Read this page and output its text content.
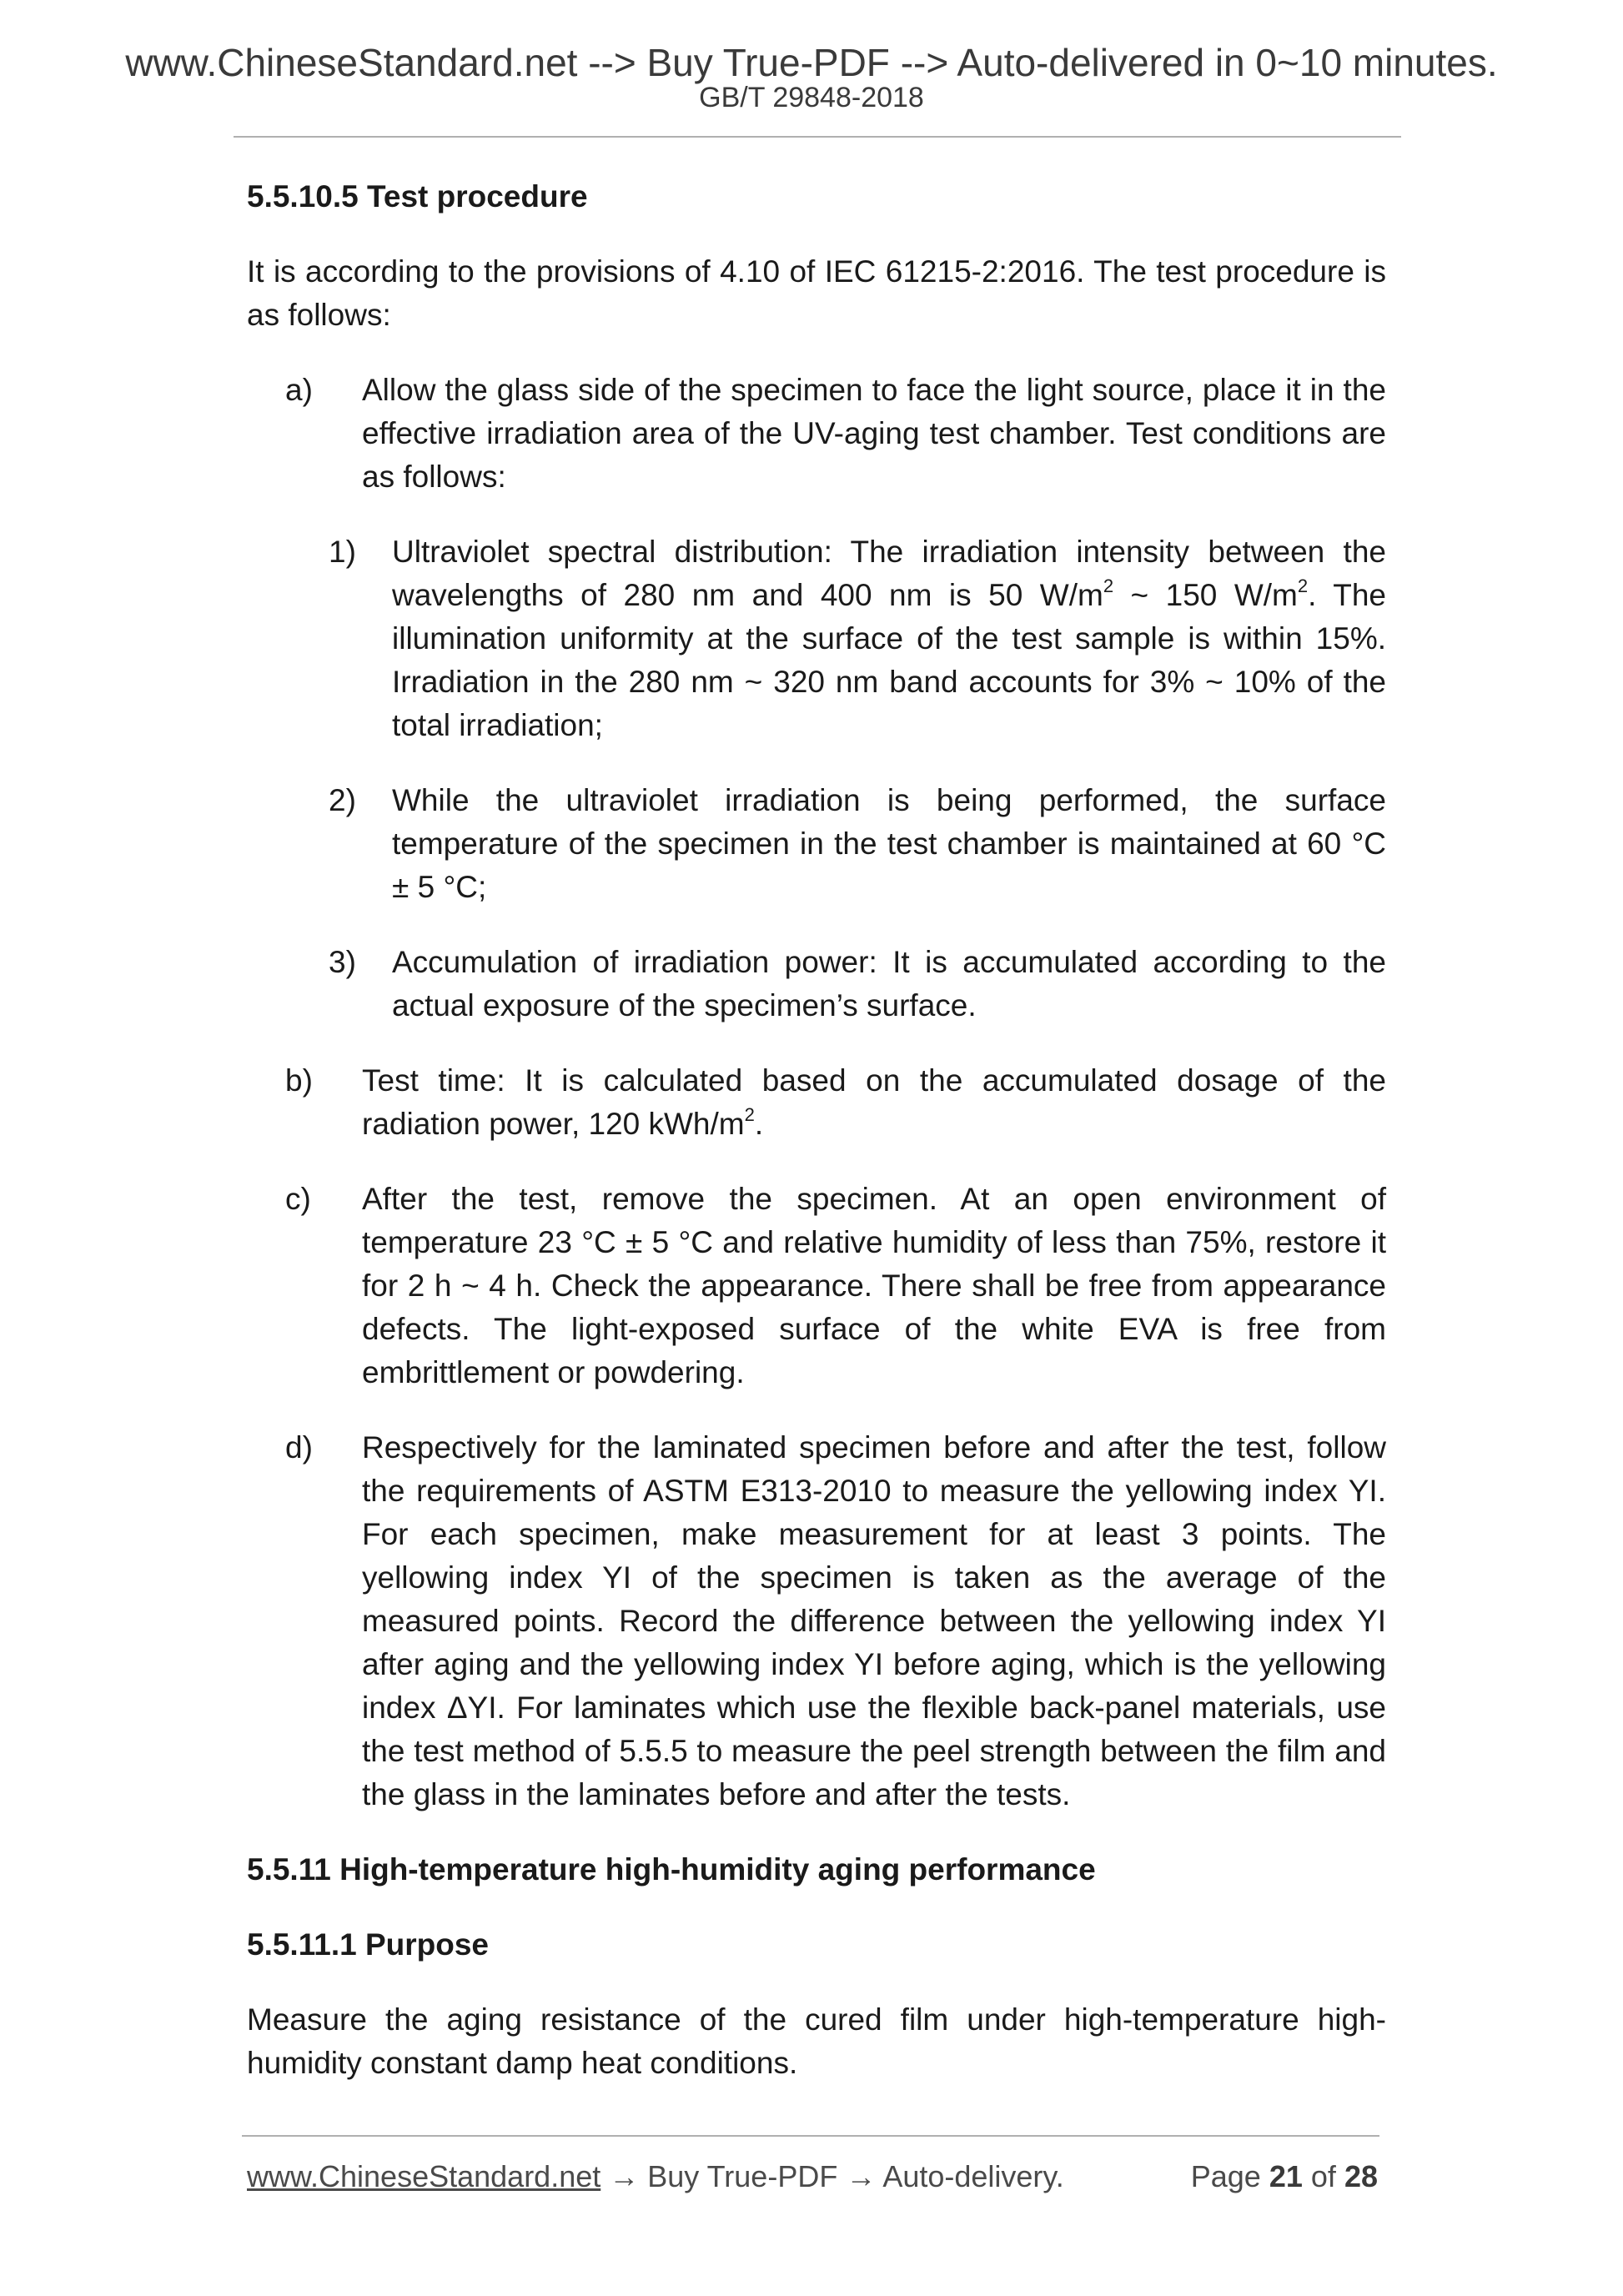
www.ChineseStandard.net --> Buy True-PDF --> Auto-delivered in 0~10 minutes.
GB/T 29848-2018

5.5.10.5 Test procedure

It is according to the provisions of 4.10 of IEC 61215-2:2016. The test procedure is as follows:

a) Allow the glass side of the specimen to face the light source, place it in the effective irradiation area of the UV-aging test chamber. Test conditions are as follows:
1) Ultraviolet spectral distribution: The irradiation intensity between the wavelengths of 280 nm and 400 nm is 50 $W/m^2$ ~ 150 $W/m^2$. The illumination uniformity at the surface of the test sample is within 15%. Irradiation in the 280 nm ~ 320 nm band accounts for 3% ~ 10% of the total irradiation;
2) While the ultraviolet irradiation is being performed, the surface temperature of the specimen in the test chamber is maintained at 60 °C ± 5 °C;
3) Accumulation of irradiation power: It is accumulated according to the actual exposure of the specimen’s surface.
b) Test time: It is calculated based on the accumulated dosage of the radiation power, 120 kWh/$m^2$.
c) After the test, remove the specimen. At an open environment of temperature 23 °C ± 5 °C and relative humidity of less than 75%, restore it for 2 h ~ 4 h. Check the appearance. There shall be free from appearance defects. The light-exposed surface of the white EVA is free from embrittlement or powdering.
d) Respectively for the laminated specimen before and after the test, follow the requirements of ASTM E313-2010 to measure the yellowing index YI. For each specimen, make measurement for at least 3 points. The yellowing index YI of the specimen is taken as the average of the measured points. Record the difference between the yellowing index YI after aging and the yellowing index YI before aging, which is the yellowing index ΔYI. For laminates which use the flexible back-panel materials, use the test method of 5.5.5 to measure the peel strength between the film and the glass in the laminates before and after the tests.

5.5.11 High-temperature high-humidity aging performance

5.5.11.1 Purpose

Measure the aging resistance of the cured film under high-temperature high-humidity constant damp heat conditions.

www.ChineseStandard.net → Buy True-PDF → Auto-delivery.	Page 21 of 28
